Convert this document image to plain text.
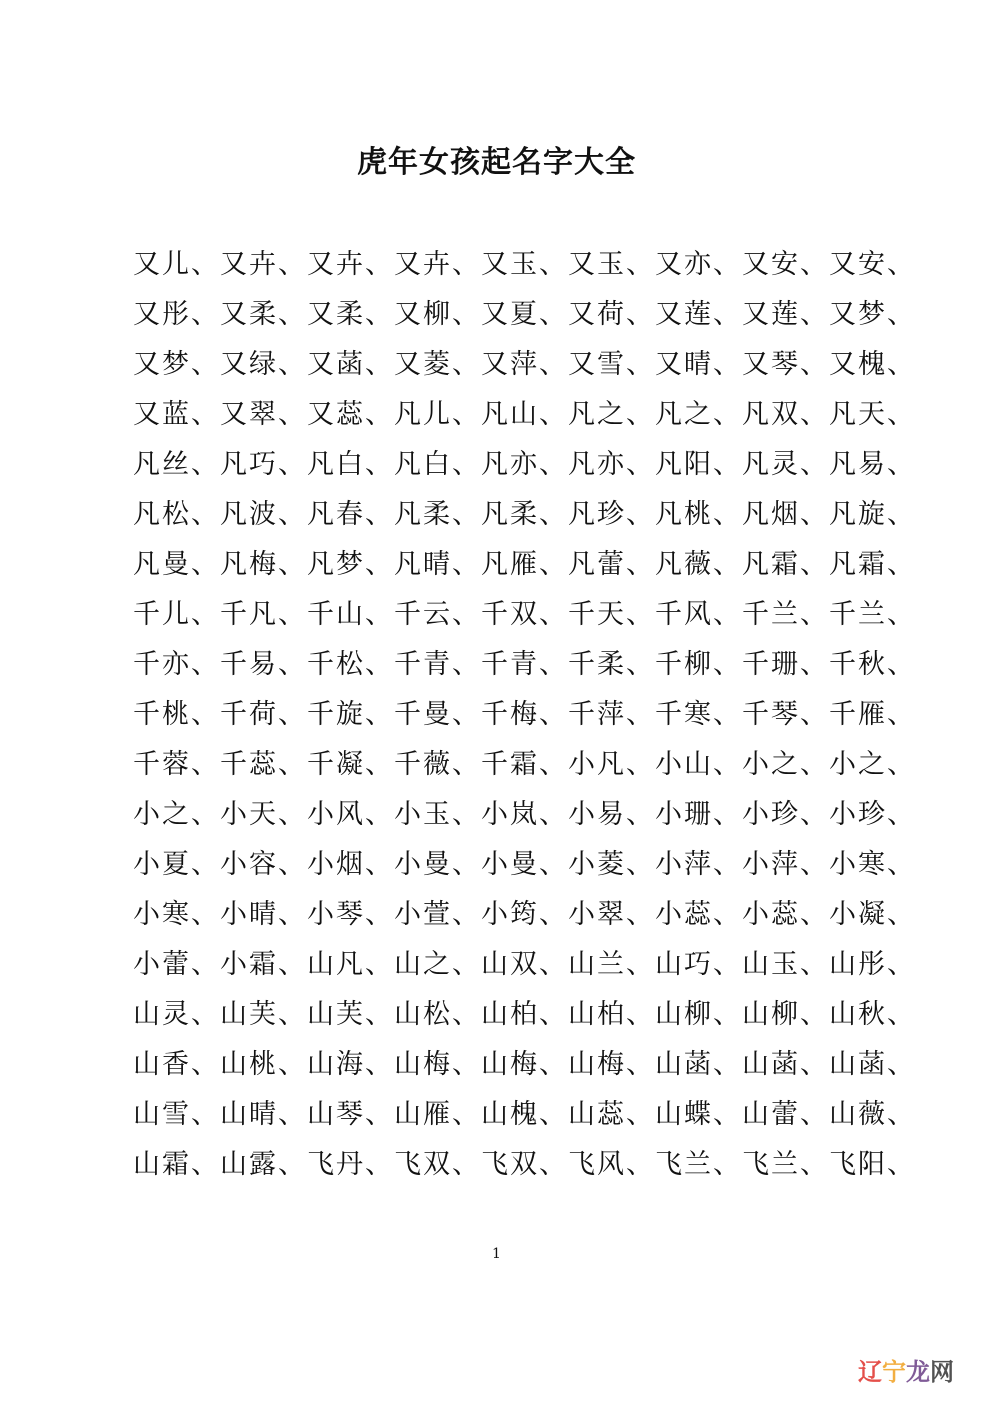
虎年女孩起名字大全
又儿、又卉、又卉、又卉、又玉、又玉、又亦、又安、又安、
又彤、又柔、又柔、又柳、又夏、又荷、又莲、又莲、又梦、
又梦、又绿、又菡、又菱、又萍、又雪、又晴、又琴、又槐、
又蓝、又翠、又蕊、凡儿、凡山、凡之、凡之、凡双、凡天、
凡丝、凡巧、凡白、凡白、凡亦、凡亦、凡阳、凡灵、凡易、
凡松、凡波、凡春、凡柔、凡柔、凡珍、凡桃、凡烟、凡旋、
凡曼、凡梅、凡梦、凡晴、凡雁、凡蕾、凡薇、凡霜、凡霜、
千儿、千凡、千山、千云、千双、千天、千风、千兰、千兰、
千亦、千易、千松、千青、千青、千柔、千柳、千珊、千秋、
千桃、千荷、千旋、千曼、千梅、千萍、千寒、千琴、千雁、
千蓉、千蕊、千凝、千薇、千霜、小凡、小山、小之、小之、
小之、小天、小风、小玉、小岚、小易、小珊、小珍、小珍、
小夏、小容、小烟、小曼、小曼、小菱、小萍、小萍、小寒、
小寒、小晴、小琴、小萱、小筠、小翠、小蕊、小蕊、小凝、
小蕾、小霜、山凡、山之、山双、山兰、山巧、山玉、山彤、
山灵、山芙、山芙、山松、山柏、山柏、山柳、山柳、山秋、
山香、山桃、山海、山梅、山梅、山梅、山菡、山菡、山菡、
山雪、山晴、山琴、山雁、山槐、山蕊、山蝶、山蕾、山薇、
山霜、山露、飞丹、飞双、飞双、飞风、飞兰、飞兰、飞阳、
1
辽宁龙网
